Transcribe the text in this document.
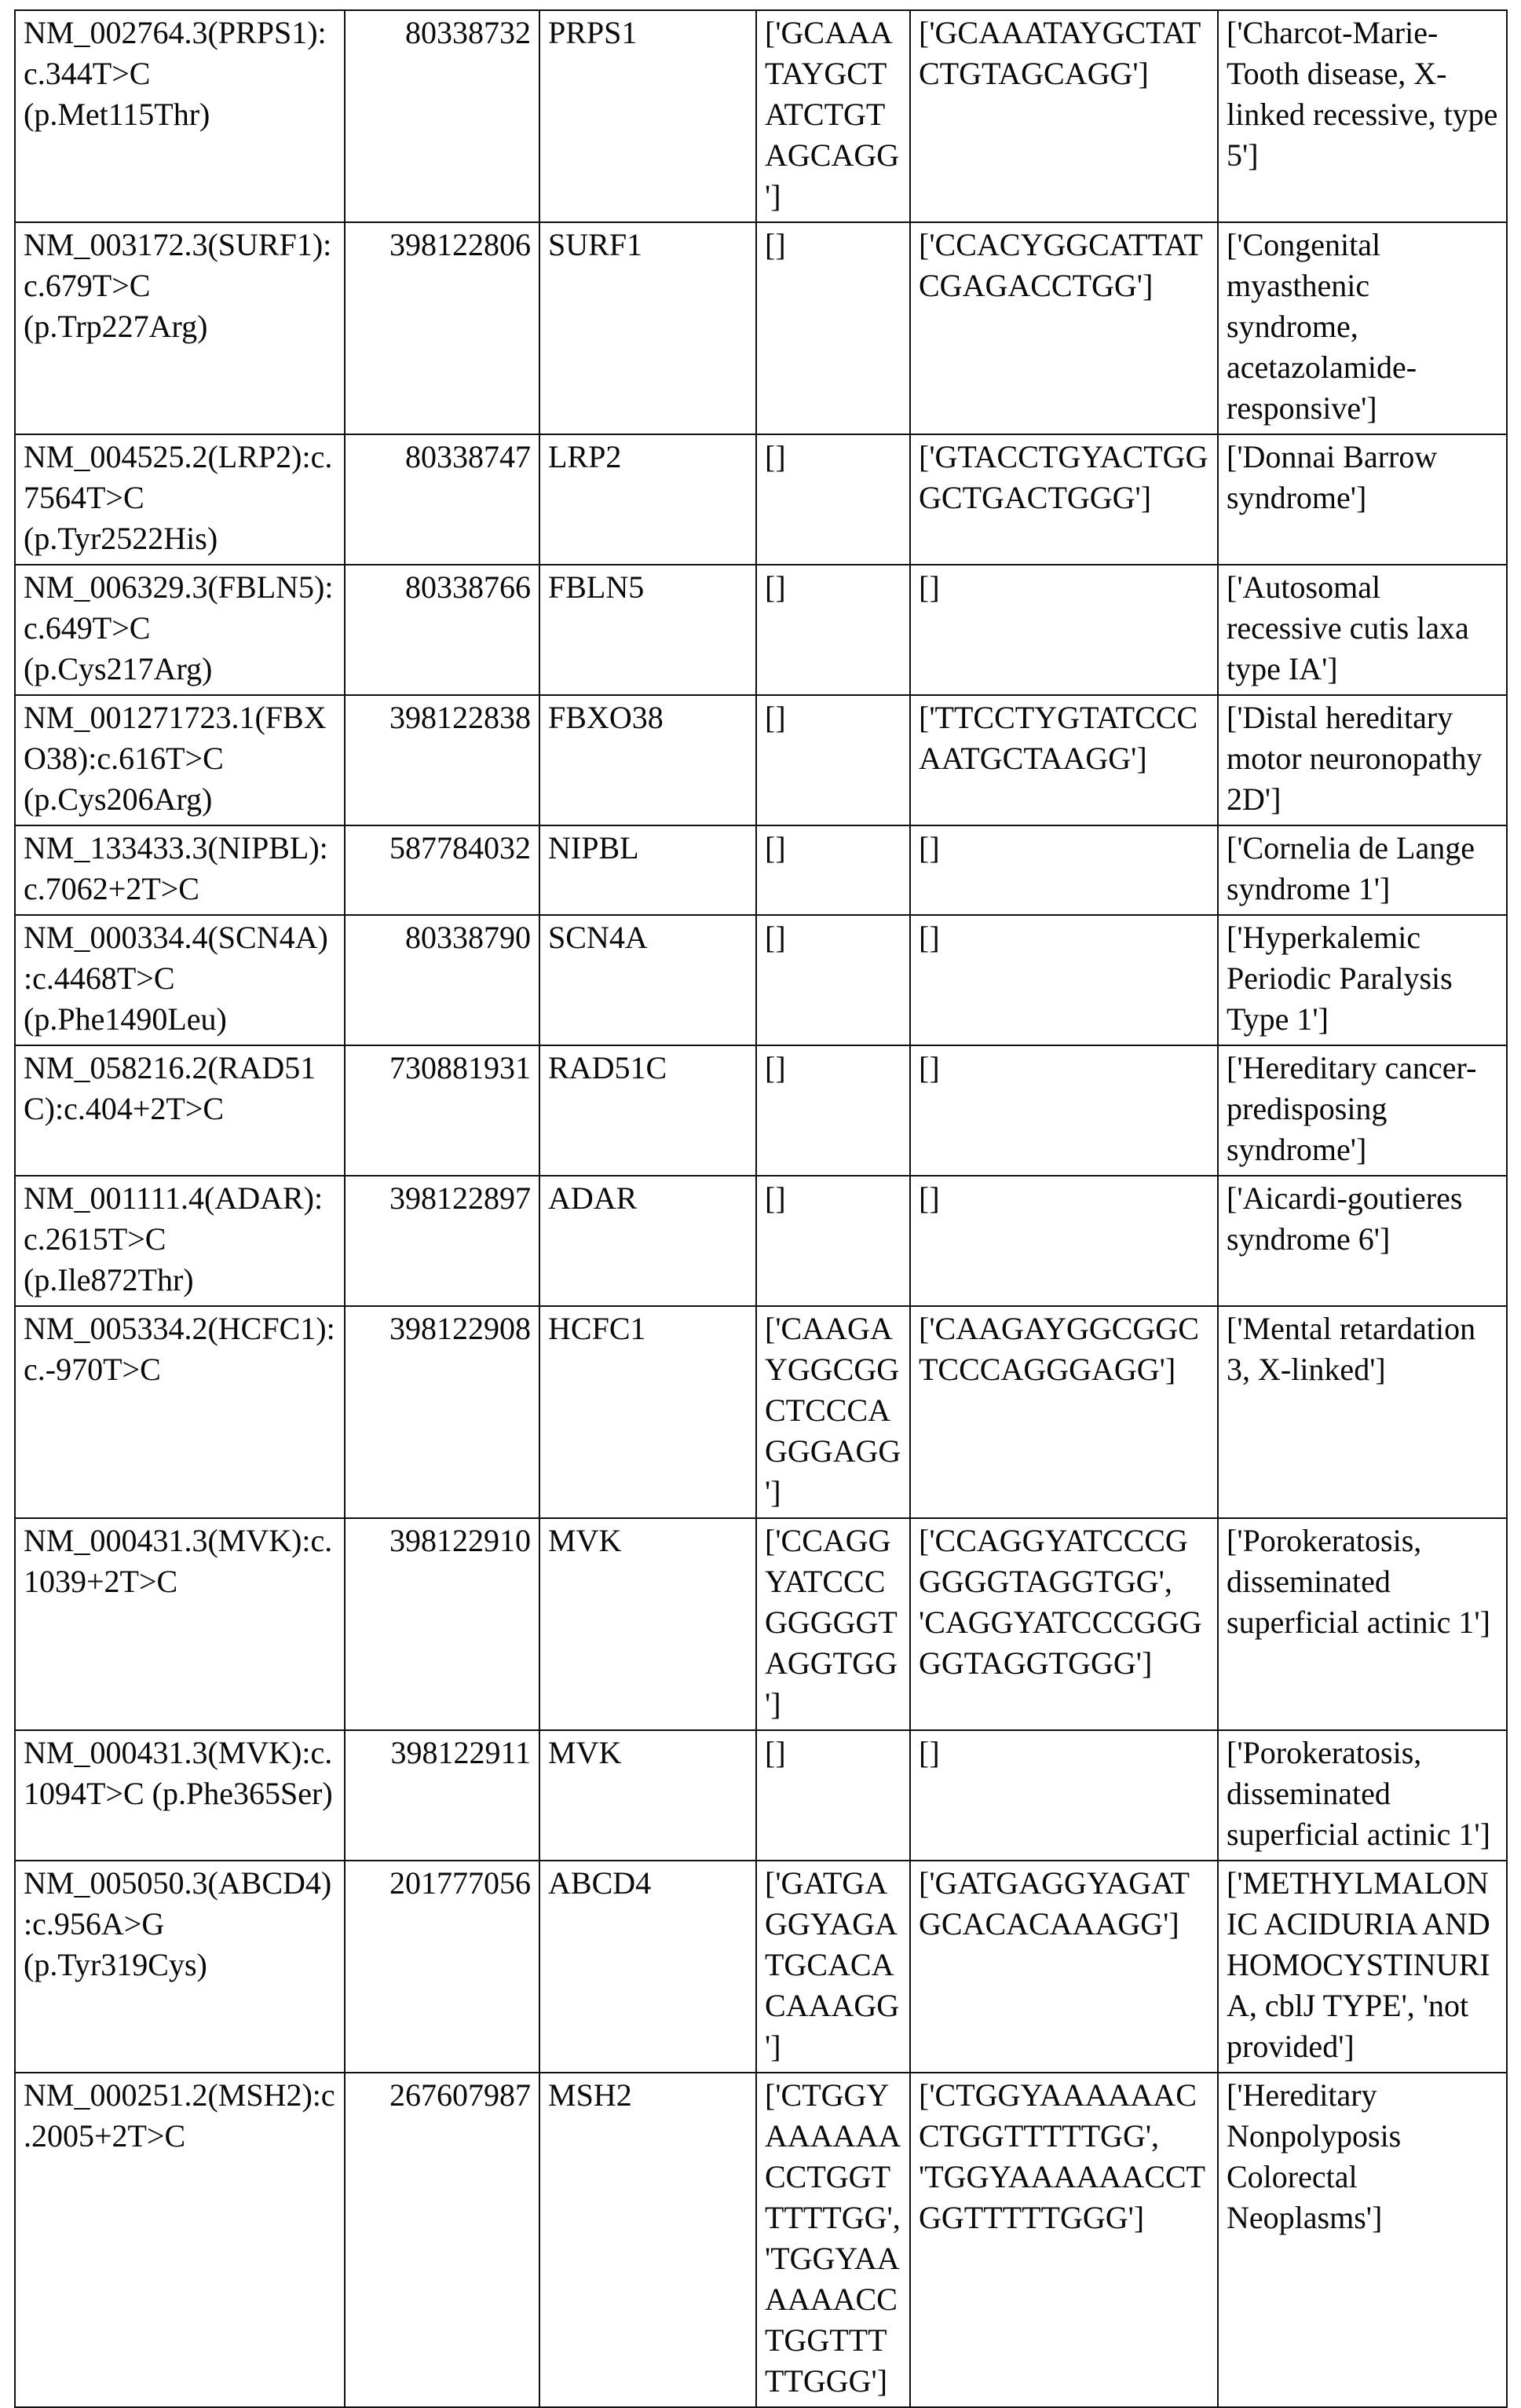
NM_002764.3(PRPS1):c.344T>C (p.Met115Thr)	80338732	PRPS1	['GCAAATAYGCTATCTGTAGCAGG']	['GCAAATAYGCTATCTGTAGCAGG']	['Charcot-Marie-Tooth disease, X-linked recessive, type 5']
NM_003172.3(SURF1):c.679T>C (p.Trp227Arg)	398122806	SURF1	[]	['CCACYGGCATTATCGAGACCTGG']	['Congenital myasthenic syndrome, acetazolamide-responsive']
NM_004525.2(LRP2):c.7564T>C (p.Tyr2522His)	80338747	LRP2	[]	['GTACCTGYACTGGGCTGACTGGG']	['Donnai Barrow syndrome']
NM_006329.3(FBLN5):c.649T>C (p.Cys217Arg)	80338766	FBLN5	[]	[]	['Autosomal recessive cutis laxa type IA']
NM_001271723.1(FBXO38):c.616T>C (p.Cys206Arg)	398122838	FBXO38	[]	['TTCCTYGTATCCCAATGCTAAGG']	['Distal hereditary motor neuronopathy 2D']
NM_133433.3(NIPBL):c.7062+2T>C	587784032	NIPBL	[]	[]	['Cornelia de Lange syndrome 1']
NM_000334.4(SCN4A):c.4468T>C (p.Phe1490Leu)	80338790	SCN4A	[]	[]	['Hyperkalemic Periodic Paralysis Type 1']
NM_058216.2(RAD51C):c.404+2T>C	730881931	RAD51C	[]	[]	['Hereditary cancer-predisposing syndrome']
NM_001111.4(ADAR):c.2615T>C (p.Ile872Thr)	398122897	ADAR	[]	[]	['Aicardi-goutieres syndrome 6']
NM_005334.2(HCFC1):c.-970T>C	398122908	HCFC1	['CAAGAYGGCGGCTCCCAGGGAGG']	['CAAGAYGGCGGCTCCCAGGGAGG']	['Mental retardation 3, X-linked']
NM_000431.3(MVK):c.1039+2T>C	398122910	MVK	['CCAGGYATCCCGGGGGTAGGTGG']	['CCAGGYATCCCGGGGGTAGGTGG', 'CAGGYATCCCGGGGGTAGGTGGG']	['Porokeratosis, disseminated superficial actinic 1']
NM_000431.3(MVK):c.1094T>C (p.Phe365Ser)	398122911	MVK	[]	[]	['Porokeratosis, disseminated superficial actinic 1']
NM_005050.3(ABCD4):c.956A>G (p.Tyr319Cys)	201777056	ABCD4	['GATGAGGYAGATGCACACAAAGG']	['GATGAGGYAGATGCACACAAAGG']	['METHYLMALONIC ACIDURIA AND HOMOCYSTINURIA, cblJ TYPE', 'not provided']
NM_000251.2(MSH2):c.2005+2T>C	267607987	MSH2	['CTGGYAAAAAACCTGGTTTTTGG', 'TGGYAAAAAACCTGGTTTTTGGG']	['CTGGYAAAAAACCTGGTTTTTGG', 'TGGYAAAAAACCTGGTTTTTGGG']	['Hereditary Nonpolyposis Colorectal Neoplasms']
